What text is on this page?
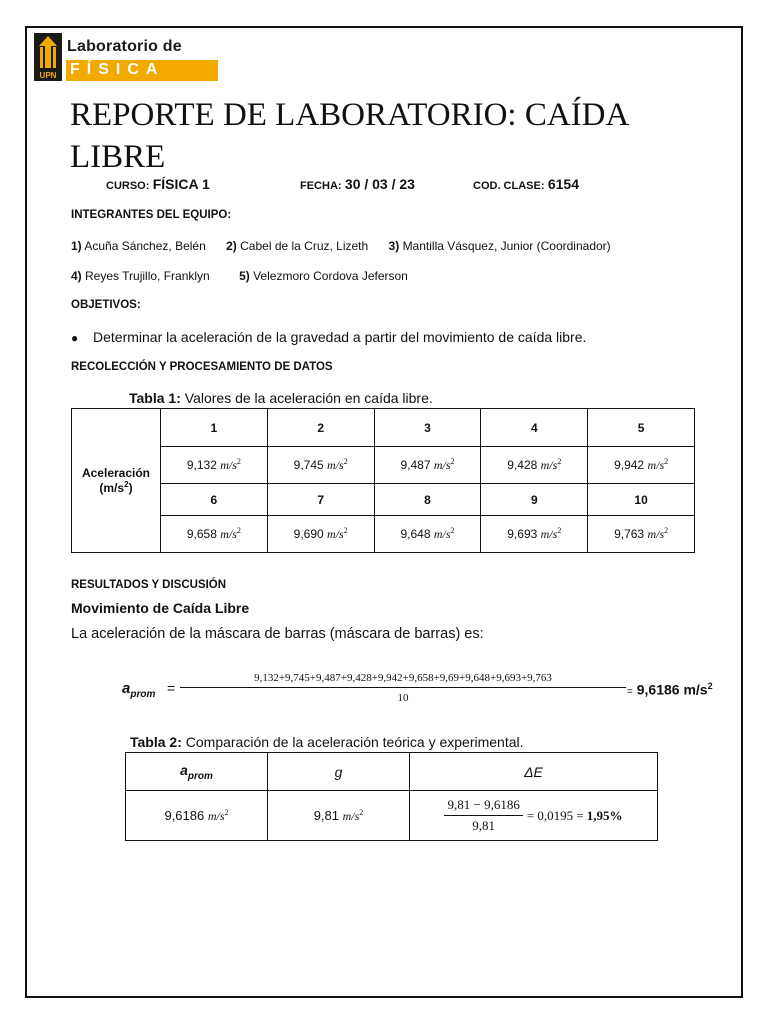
UPN
Laboratorio de
FÍSICA
REPORTE DE LABORATORIO: CAÍDA LIBRE
CURSO: FÍSICA 1	FECHA: 30 / 03 / 23	COD. CLASE: 6154
INTEGRANTES DEL EQUIPO:
1) Acuña Sánchez, Belén 2) Cabel de la Cruz, Lizeth 3) Mantilla Vásquez, Junior (Coordinador)
4) Reyes Trujillo, Franklyn 5) Velezmoro Cordova Jeferson
OBJETIVOS:
● Determinar la aceleración de la gravedad a partir del movimiento de caída libre.
RECOLECCIÓN Y PROCESAMIENTO DE DATOS
Tabla 1: Valores de la aceleración en caída libre.
Aceleración
$(m/s^2)$	1	2	3	4	5
	9,132 $m/s^2$	9,745 $m/s^2$	9,487 $m/s^2$	9,428 $m/s^2$	9,942 $m/s^2$
	6	7	8	9	10
	9,658 $m/s^2$	9,690 $m/s^2$	9,648 $m/s^2$	9,693 $m/s^2$	9,763 $m/s^2$
RESULTADOS Y DISCUSIÓN
Movimiento de Caída Libre
La aceleración de la máscara de barras (máscara de barras) es:
$a_{prom}$ =
9,132+9,745+9,487+9,428+9,942+9,658+9,69+9,648+9,693+9,763
10	= 9,6186 $m/s^2$
Tabla 2: Comparación de la aceleración teórica y experimental.
$a_{prom}$	g	ΔE
9,6186 $m/s^2$	9,81 $m/s^2$	$\frac{9,81 - 9,6186}{9,81} = 0,0195 = 1,95\%$
